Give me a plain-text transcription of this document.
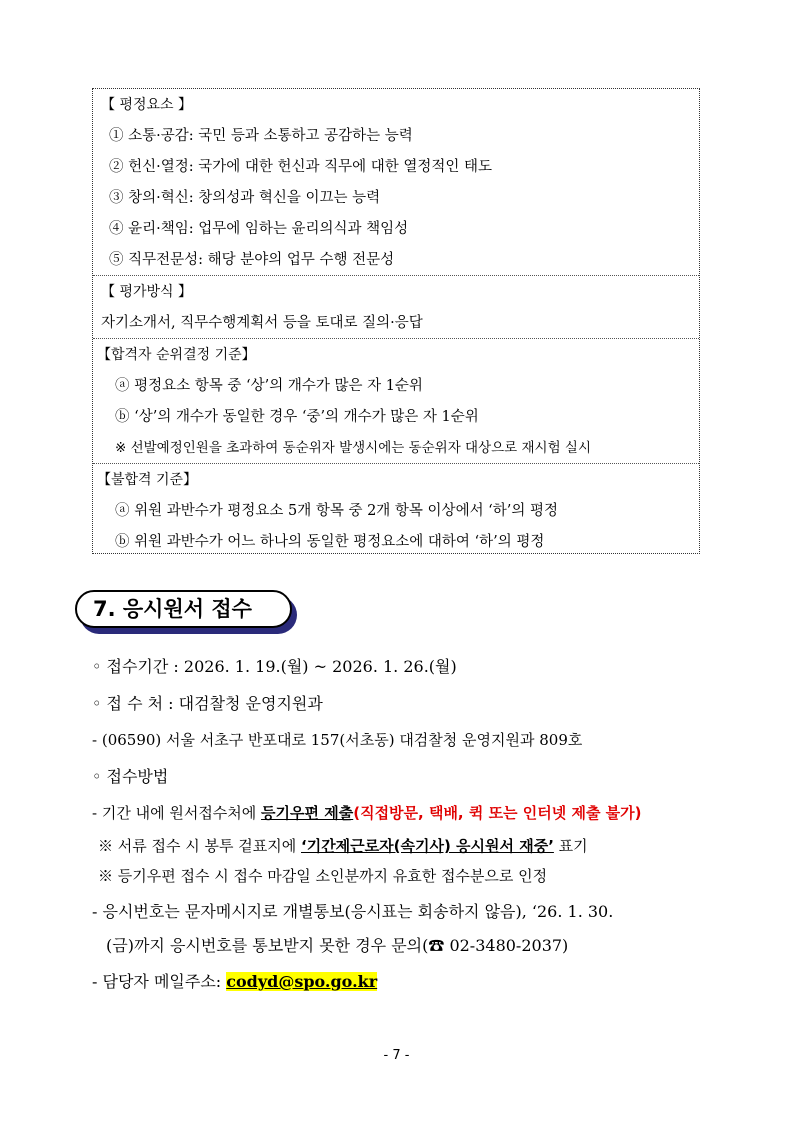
【 평정요소 】
① 소통·공감: 국민 등과 소통하고 공감하는 능력
② 헌신·열정: 국가에 대한 헌신과 직무에 대한 열정적인 태도
③ 창의·혁신: 창의성과 혁신을 이끄는 능력
④ 윤리·책임: 업무에 임하는 윤리의식과 책임성
⑤ 직무전문성: 해당 분야의 업무 수행 전문성
【 평가방식 】
자기소개서, 직무수행계획서 등을 토대로 질의·응답
【합격자 순위결정 기준】
ⓐ 평정요소 항목 중 ‘상’의 개수가 많은 자 1순위
ⓑ ‘상’의 개수가 동일한 경우 ‘중’의 개수가 많은 자 1순위
※ 선발예정인원을 초과하여 동순위자 발생시에는 동순위자 대상으로 재시험 실시
【불합격 기준】
ⓐ 위원 과반수가 평정요소 5개 항목 중 2개 항목 이상에서 ‘하’의 평정
ⓑ 위원 과반수가 어느 하나의 동일한 평정요소에 대하여 ‘하’의 평정
7. 응시원서 접수
◦ 접수기간 : 2026. 1. 19.(월) ~ 2026. 1. 26.(월)
◦ 접 수 처 : 대검찰청 운영지원과
- (06590) 서울 서초구 반포대로 157(서초동) 대검찰청 운영지원과 809호
◦ 접수방법
- 기간 내에 원서접수처에 등기우편 제출(직접방문, 택배, 퀵 또는 인터넷 제출 불가)
※ 서류 접수 시 봉투 겉표지에 ‘기간제근로자(속기사) 응시원서 재중’ 표기
※ 등기우편 접수 시 접수 마감일 소인분까지 유효한 접수분으로 인정
- 응시번호는 문자메시지로 개별통보(응시표는 회송하지 않음), ‘26. 1. 30.
(금)까지 응시번호를 통보받지 못한 경우 문의(☎ 02-3480-2037)
- 담당자 메일주소: codyd@spo.go.kr
- 7 -
